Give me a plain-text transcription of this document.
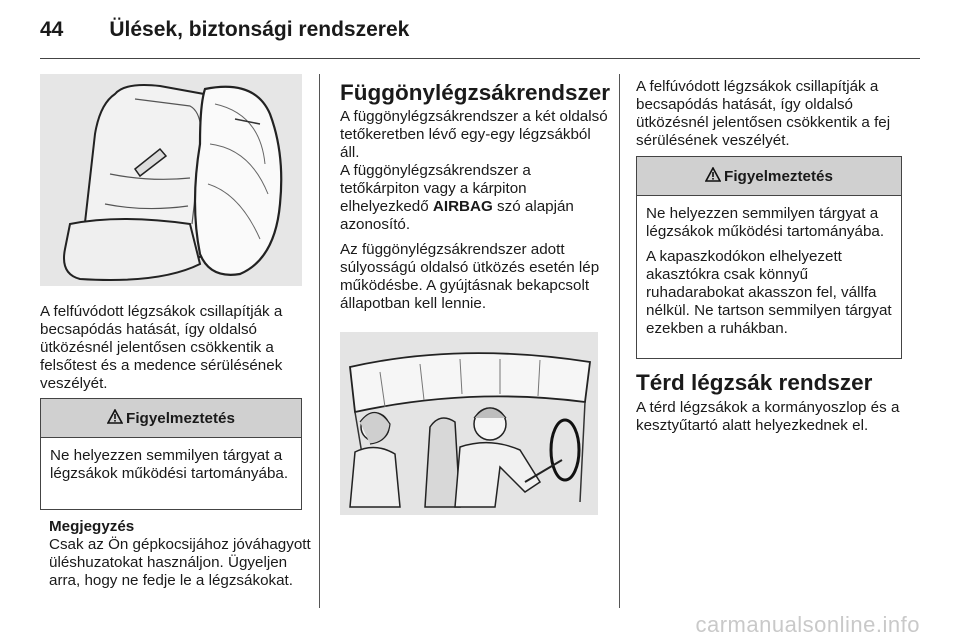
44 Ülések, biztonsági rendszerek

A felfúvódott légzsákok csillapítják a becsapódás hatását, így oldalsó ütközésnél jelentősen csökkentik a felsőtest és a medence sérülésének veszélyét.

Figyelmeztetés

Ne helyezzen semmilyen tárgyat a légzsákok működési tartományába.

Megjegyzés
Csak az Ön gépkocsijához jóváhagyott üléshuzatokat használjon. Ügyeljen arra, hogy ne fedje le a légzsákokat.
Függönylégzsákrendszer

A függönylégzsákrendszer a két oldalsó tetőkeretben lévő egy-egy légzsákból áll.

A függönylégzsákrendszer a tetőkárpiton vagy a kárpiton elhelyezkedő AIRBAG szó alapján azonosító.

Az függönylégzsákrendszer adott súlyosságú oldalsó ütközés esetén lép működésbe. A gyújtásnak bekapcsolt állapotban kell lennie.

A felfúvódott légzsákok csillapítják a becsapódás hatását, így oldalsó ütközésnél jelentősen csökkentik a fej sérülésének veszélyét.

Figyelmeztetés

Ne helyezzen semmilyen tárgyat a légzsákok működési tartományába.

A kapaszkodókon elhelyezett akasztókra csak könnyű ruhadarabokat akasszon fel, vállfa nélkül. Ne tartson semmilyen tárgyat ezekben a ruhákban.

Térd légzsák rendszer
A térd légzsákok a kormányoszlop és a kesztyűtartó alatt helyezkednek el.
carmanualsonline.info
